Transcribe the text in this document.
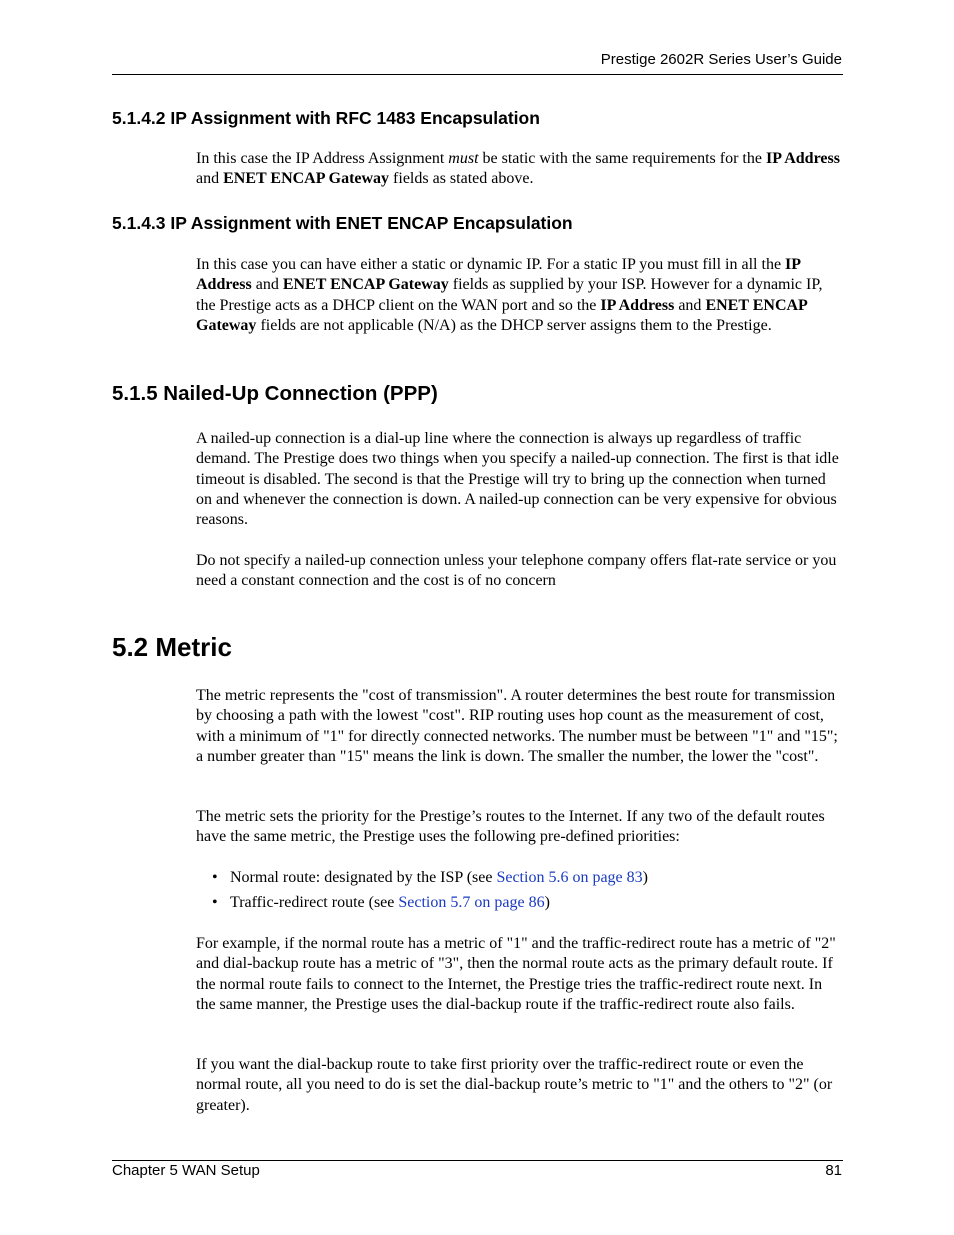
Prestige 2602R Series User’s Guide
5.1.4.2 IP Assignment with RFC 1483 Encapsulation
In this case the IP Address Assignment must be static with the same requirements for the IP Address and ENET ENCAP Gateway fields as stated above.
5.1.4.3 IP Assignment with ENET ENCAP Encapsulation
In this case you can have either a static or dynamic IP. For a static IP you must fill in all the IP Address and ENET ENCAP Gateway fields as supplied by your ISP. However for a dynamic IP, the Prestige acts as a DHCP client on the WAN port and so the IP Address and ENET ENCAP Gateway fields are not applicable (N/A) as the DHCP server assigns them to the Prestige.
5.1.5 Nailed-Up Connection (PPP)
A nailed-up connection is a dial-up line where the connection is always up regardless of traffic demand. The Prestige does two things when you specify a nailed-up connection. The first is that idle timeout is disabled. The second is that the Prestige will try to bring up the connection when turned on and whenever the connection is down. A nailed-up connection can be very expensive for obvious reasons.
Do not specify a nailed-up connection unless your telephone company offers flat-rate service or you need a constant connection and the cost is of no concern
5.2 Metric
The metric represents the "cost of transmission". A router determines the best route for transmission by choosing a path with the lowest "cost". RIP routing uses hop count as the measurement of cost, with a minimum of "1" for directly connected networks. The number must be between "1" and "15"; a number greater than "15" means the link is down. The smaller the number, the lower the "cost".
The metric sets the priority for the Prestige’s routes to the Internet. If any two of the default routes have the same metric, the Prestige uses the following pre-defined priorities:
• Normal route: designated by the ISP (see Section 5.6 on page 83)
• Traffic-redirect route (see Section 5.7 on page 86)
For example, if the normal route has a metric of "1" and the traffic-redirect route has a metric of "2" and dial-backup route has a metric of "3", then the normal route acts as the primary default route. If the normal route fails to connect to the Internet, the Prestige tries the traffic-redirect route next. In the same manner, the Prestige uses the dial-backup route if the traffic-redirect route also fails.
If you want the dial-backup route to take first priority over the traffic-redirect route or even the normal route, all you need to do is set the dial-backup route’s metric to "1" and the others to "2" (or greater).
Chapter 5 WAN Setup	81
